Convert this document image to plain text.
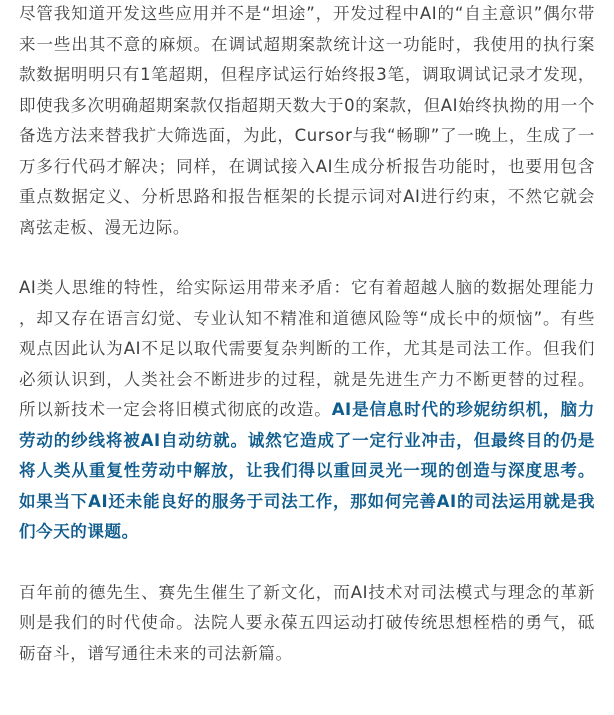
尽管我知道开发这些应用并不是“坦途”，开发过程中AI的“自主意识”偶尔带来一些出其不意的麻烦。在调试超期案款统计这一功能时，我使用的执行案款数据明明只有1笔超期，但程序试运行始终报3笔，调取调试记录才发现，即使我多次明确超期案款仅指超期天数大于0的案款，但AI始终执拗的用一个备选方法来替我扩大筛选面，为此，Cursor与我“畅聊”了一晚上，生成了一万多行代码才解决；同样，在调试接入AI生成分析报告功能时，也要用包含重点数据定义、分析思路和报告框架的长提示词对AI进行约束，不然它就会离弦走板、漫无边际。

AI类人思维的特性，给实际运用带来矛盾：它有着超越人脑的数据处理能力，却又存在语言幻觉、专业认知不精准和道德风险等“成长中的烦恼”。有些观点因此认为AI不足以取代需要复杂判断的工作，尤其是司法工作。但我们必须认识到，人类社会不断进步的过程，就是先进生产力不断更替的过程。所以新技术一定会将旧模式彻底的改造。AI是信息时代的珍妮纺织机，脑力劳动的纱线将被AI自动纺就。诚然它造成了一定行业冲击，但最终目的仍是将人类从重复性劳动中解放，让我们得以重回灵光一现的创造与深度思考。如果当下AI还未能良好的服务于司法工作，那如何完善AI的司法运用就是我们今天的课题。

百年前的德先生、赛先生催生了新文化，而AI技术对司法模式与理念的革新则是我们的时代使命。法院人要永葆五四运动打破传统思想桎梏的勇气，砥砺奋斗，谱写通往未来的司法新篇。
